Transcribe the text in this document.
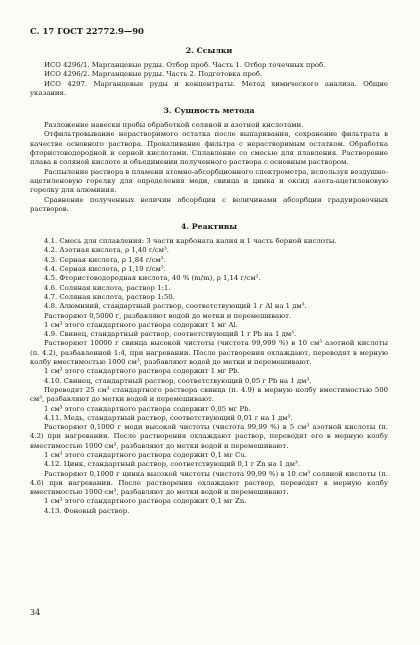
С. 17 ГОСТ 22772.9—90
2. Ссылки

ИСО 4296/1. Марганцевые руды. Отбор проб. Часть 1. Отбор точечных проб.

ИСО 4296/2. Марганцевые руды. Часть 2. Подготовка проб.

ИСО 4297. Марганцевые руды и концентраты. Метод химического анализа. Общие указания.

3. Сущность метода

Разложение навески пробы обработкой соляной и азотной кислотами.

Отфильтровывание нерастворимого остатка после выпаривания, сохранение фильтрата в качестве основного раствора. Прокаливание фильтра с нерастворимым остатком. Обработка фтористоводородной и серной кислотами. Сплавление со смесью для плавления. Растворение плава в соляной кислоте и объединении полученного раствора с основным раствором.

Распыление раствора в пламени атомно-абсорбционного спектрометра, используя воздушно-ацетиленовую горелку для определения меди, свинца и цинка и оксид азота-ацетиленовую горелку для алюминия.

Сравнение полученных величин абсорбции с величинами абсорбции градуировочных растворов.

4. Реактивы

4.1. Смесь для сплавления: 3 части карбоната калия и 1 часть борной кислоты.

4.2. Азотная кислота, ρ 1,40 г/см³.

4.3. Серная кислота, ρ 1,84 г/см³.

4.4. Серная кислота, ρ 1,19 г/см³.

4.5. Фтористоводородная кислота, 40 % (m/m), ρ 1,14 г/см³.

4.6. Соляная кислота, раствор 1:1.

4.7. Соляная кислота, раствор 1:50.

4.8. Алюминий, стандартный раствор, соответствующий 1 г Al на 1 дм³.

Растворяют 0,5000 г, разбавляют водой до метки и перемешивают.

1 см³ этого стандартного раствора содержит 1 мг Al.

4.9. Свинец, стандартный раствор, соответствующий 1 г Pb на 1 дм³.

Растворяют 10000 г свинца высокой чистоты (чистота 99,999 %) в 10 см³ азотной кислоты (п. 4.2), разбавленной 1:4, при нагревании. После растворения охлаждают, переводят в мерную колбу вместимостью 1000 см³, разбавляют водой до метки и перемешивают.

1 см³ этого стандартного раствора содержит 1 мг Pb.

4.10. Свинец, стандартный раствор, соответствующий 0,05 г Pb на 1 дм³.

Переводят 25 см³ стандартного раствора свинца (п. 4.9) в мерную колбу вместимостью 500 см³, разбавляют до метки водой и перемешивают.

1 см³ этого стандартного раствора содержит 0,05 мг Pb.

4.11. Медь, стандартный раствор, соответствующий 0,01 г на 1 дм³.

Растворяют 0,1000 г меди высокой чистоты (чистота 99,99 %) в 5 см³ азотной кислоты (п. 4.2) при нагревании. После растворения охлаждают раствор, переводят его в мерную колбу вместимостью 1000 см³, разбавляют до метки водой и перемешивают.

1 см³ этого стандартного раствора содержит 0,1 мг Cu.

4.12. Цинк, стандартный раствор, соответствующий 0,1 г Zn на 1 дм³.

Растворяют 0,1000 г цинка высокой чистоты (чистота 99,99 %) в 10 см³ соляной кислоты (п. 4.6) при нагревании. После растворения охлаждают раствор, переводят в мерную колбу вместимостью 1000 см³, разбавляют до метки водой и перемешивают.

1 см³ этого стандартного раствора содержит 0,1 мг Zn.

4.13. Фоновый раствор.

34
